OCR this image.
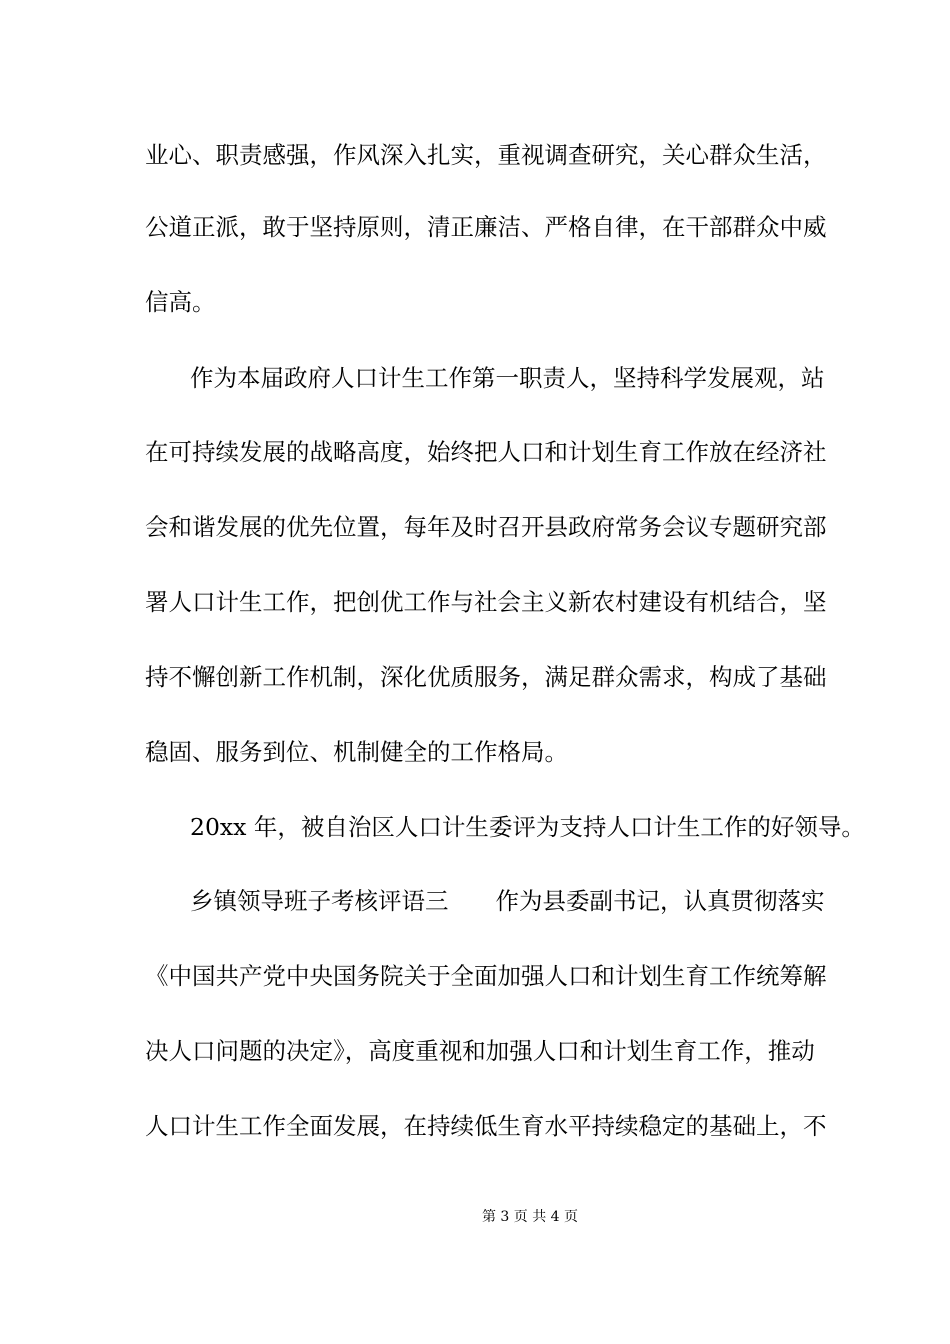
业心、职责感强，作风深入扎实，重视调查研究，关心群众生活，
公道正派，敢于坚持原则，清正廉洁、严格自律，在干部群众中威
信高。
作为本届政府人口计生工作第一职责人，坚持科学发展观，站
在可持续发展的战略高度，始终把人口和计划生育工作放在经济社
会和谐发展的优先位置，每年及时召开县政府常务会议专题研究部
署人口计生工作，把创优工作与社会主义新农村建设有机结合，坚
持不懈创新工作机制，深化优质服务，满足群众需求，构成了基础
稳固、服务到位、机制健全的工作格局。
20xx 年，被自治区人口计生委评为支持人口计生工作的好领导。
乡镇领导班子考核评语三　　作为县委副书记，认真贯彻落实
《中国共产党中央国务院关于全面加强人口和计划生育工作统筹解
决人口问题的决定》，高度重视和加强人口和计划生育工作，推动
人口计生工作全面发展，在持续低生育水平持续稳定的基础上，不
第 3 页 共 4 页
